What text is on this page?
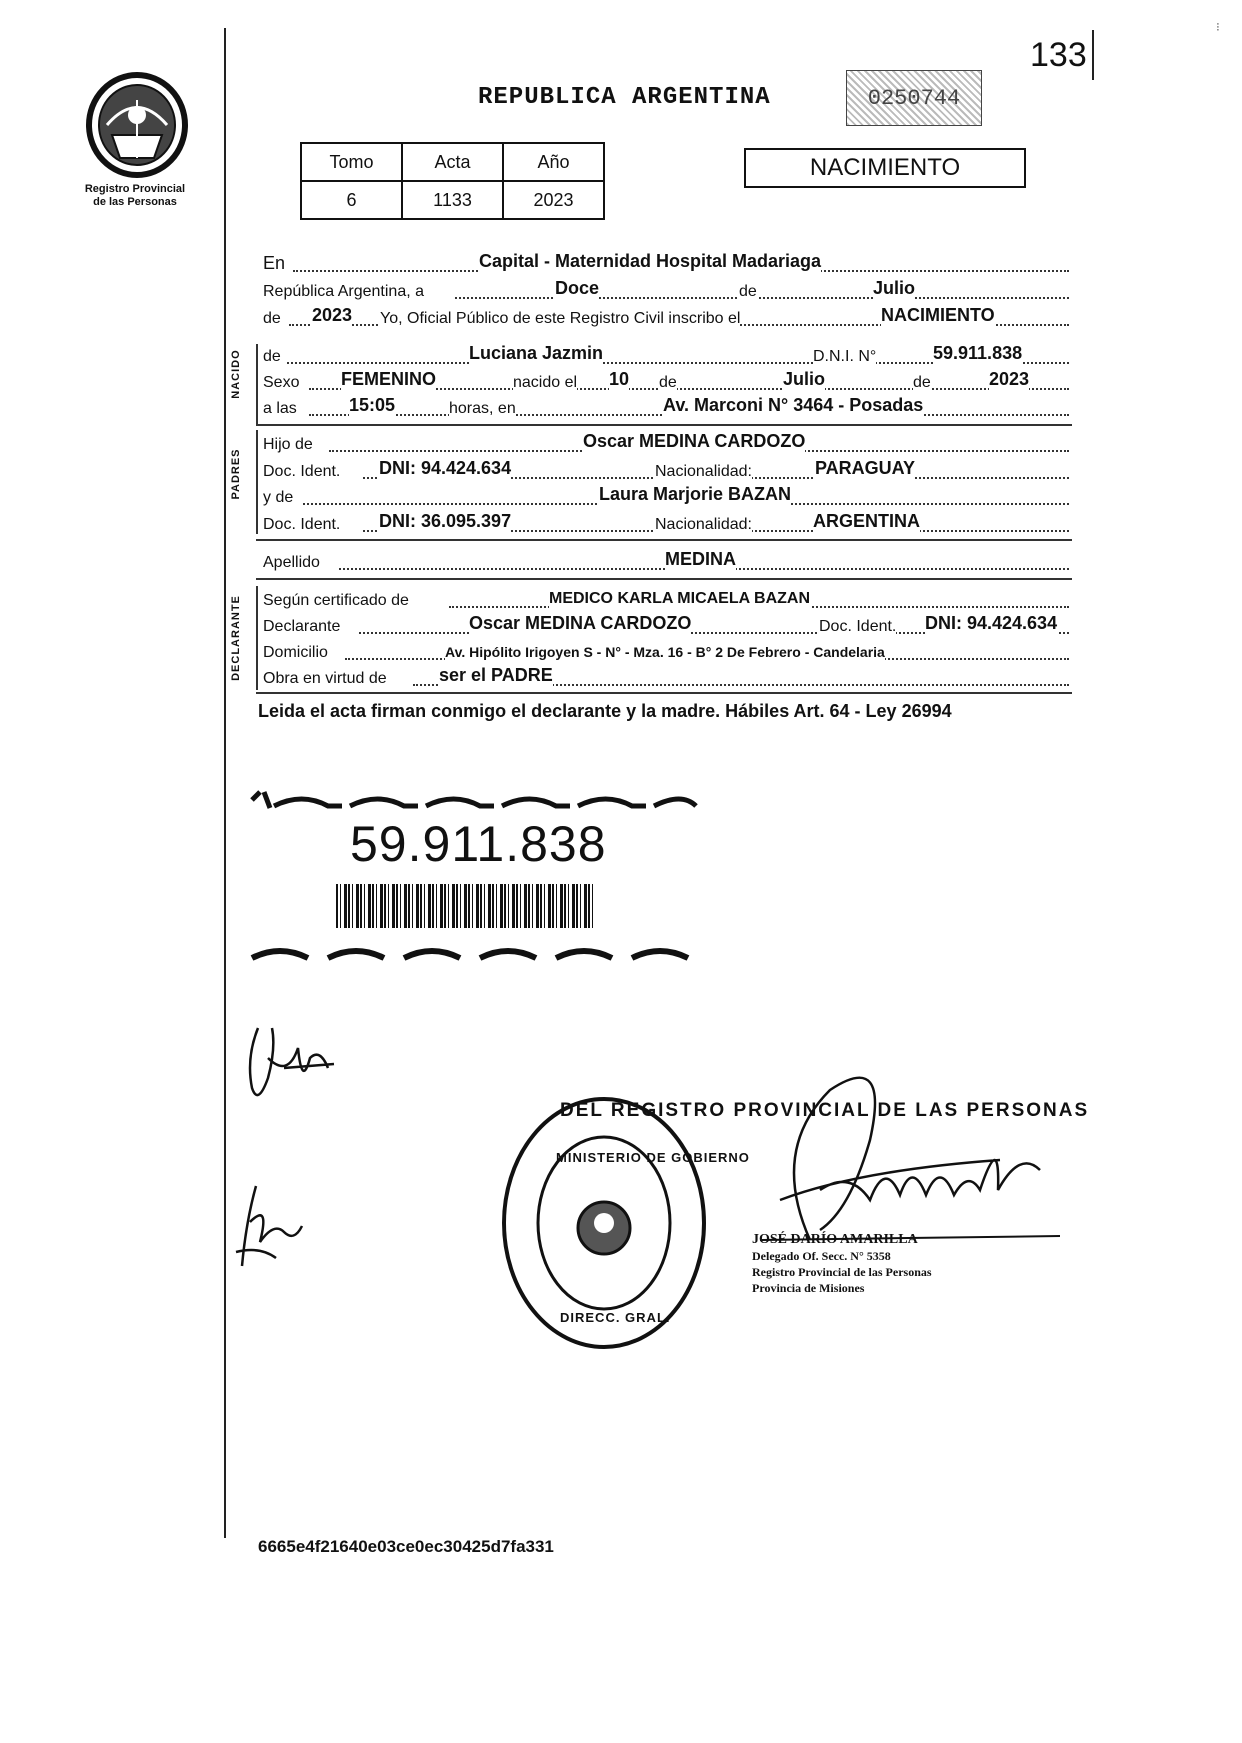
133
⁝
Registro Provincial
de las Personas
REPUBLICA ARGENTINA	0250744
Tomo	Acta	Año
6	1133	2023
NACIMIENTO
En	Capital - Maternidad Hospital Madariaga
República Argentina, a	Doce	de	Julio
de 2023 Yo, Oficial Público de este Registro Civil inscribo el	NACIMIENTO
NACIDO de	Luciana Jazmin	D.N.I. N°	59.911.838
Sexo FEMENINO	nacido el 10 de	Julio	de	2023
a las	15:05	horas, en	Av. Marconi N° 3464 - Posadas
PADRES
Hijo de	Oscar MEDINA CARDOZO
Doc. Ident. DNI: 94.424.634	Nacionalidad:	PARAGUAY
y de	Laura Marjorie BAZAN
Doc. Ident. DNI: 36.095.397	Nacionalidad:	ARGENTINA
Apellido	MEDINA
DECLARANTE Según certificado de	MEDICO KARLA MICAELA BAZAN
Declarante	Oscar MEDINA CARDOZO	Doc. Ident. DNI: 94.424.634
Domicilio	Av. Hipólito Irigoyen S - N° - Mza. 16 - B° 2 De Febrero - Candelaria
Obra en virtud de	ser el PADRE
Leida el acta firman conmigo el declarante y la madre. Hábiles Art. 64 - Ley 26994
59.911.838
DEL REGISTRO PROVINCIAL DE LAS PERSONAS
DIRECC. GRAL.
MINISTERIO DE GOBIERNO
JOSÉ DARÍO AMARILLA
Delegado Of. Secc. N° 5358
Registro Provincial de las Personas
Provincia de Misiones
6665e4f21640e03ce0ec30425d7fa331
